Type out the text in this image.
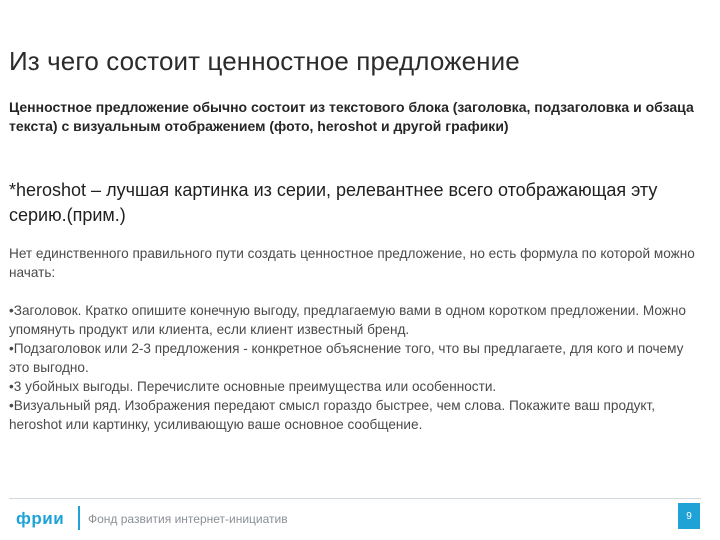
Из чего состоит ценностное предложение
Ценностное предложение обычно состоит из текстового блока (заголовка, подзаголовка и обзаца текста) с визуальным отображением (фото, heroshot и другой графики)
*heroshot – лучшая картинка из серии, релевантнее всего отображающая эту серию.(прим.)
Нет единственного правильного пути создать ценностное предложение, но есть формула по которой можно начать:
•Заголовок. Кратко опишите конечную выгоду, предлагаемую вами в одном коротком предложении. Можно упомянуть продукт или клиента, если клиент известный бренд.
•Подзаголовок или 2-3 предложения - конкретное объяснение того, что вы предлагаете, для кого и почему это выгодно.
•3 убойных выгоды. Перечислите основные преимущества или особенности.
•Визуальный ряд. Изображения передают смысл гораздо быстрее, чем слова. Покажите ваш продукт, heroshot или картинку, усиливающую ваше основное сообщение.
фрии Фонд развития интернет-инициатив	9
